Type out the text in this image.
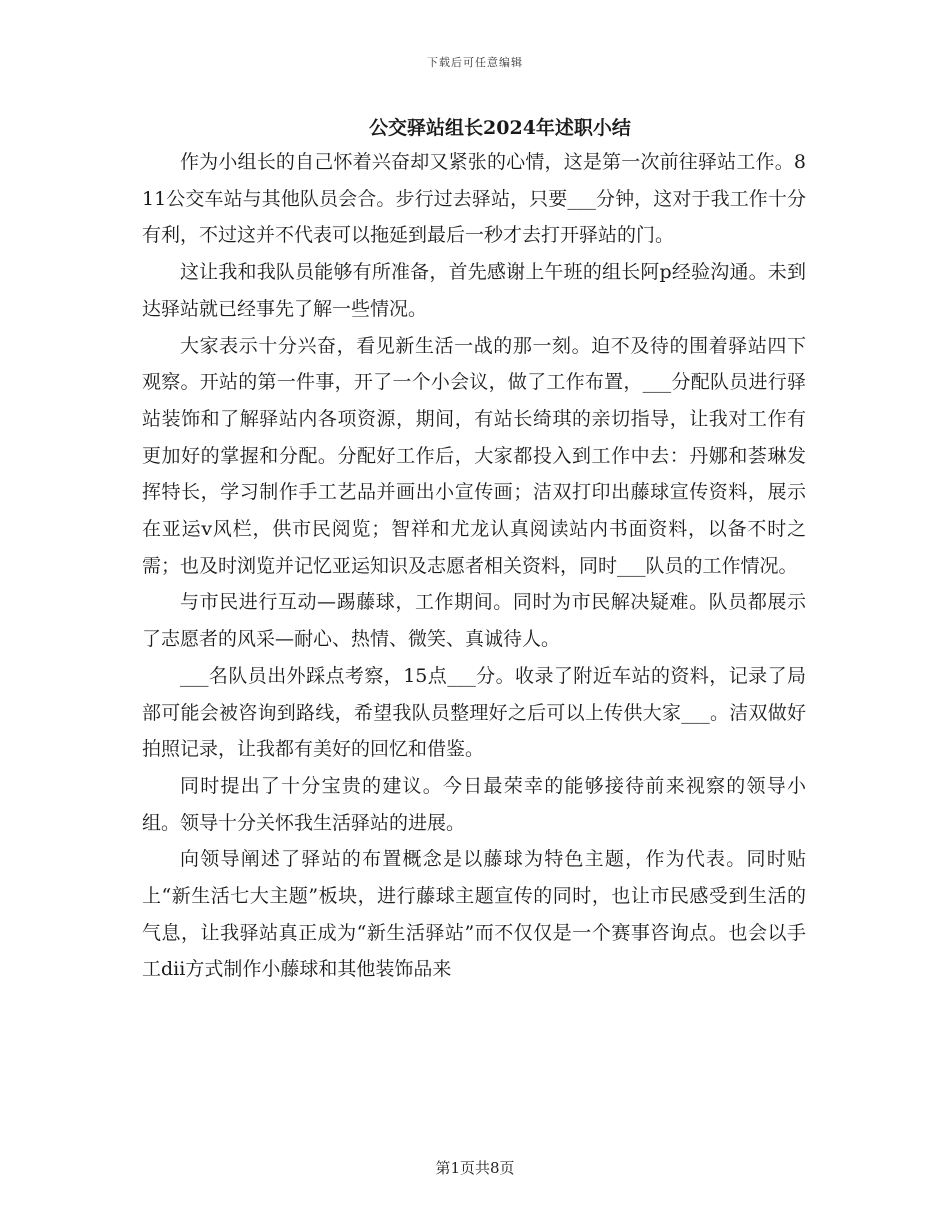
下载后可任意编辑
公交驿站组长2024年述职小结

作为小组长的自己怀着兴奋却又紧张的心情，这是第一次前往驿站工作。811公交车站与其他队员会合。步行过去驿站，只要___分钟，这对于我工作十分有利，不过这并不代表可以拖延到最后一秒才去打开驿站的门。

这让我和我队员能够有所准备，首先感谢上午班的组长阿p经验沟通。未到达驿站就已经事先了解一些情况。

大家表示十分兴奋，看见新生活一战的那一刻。迫不及待的围着驿站四下观察。开站的第一件事，开了一个小会议，做了工作布置，___分配队员进行驿站装饰和了解驿站内各项资源，期间，有站长绮琪的亲切指导，让我对工作有更加好的掌握和分配。分配好工作后，大家都投入到工作中去：丹娜和荟琳发挥特长，学习制作手工艺品并画出小宣传画；洁双打印出藤球宣传资料，展示在亚运v风栏，供市民阅览；智祥和尤龙认真阅读站内书面资料，以备不时之需；也及时浏览并记忆亚运知识及志愿者相关资料，同时___队员的工作情况。

与市民进行互动—踢藤球，工作期间。同时为市民解决疑难。队员都展示了志愿者的风采—耐心、热情、微笑、真诚待人。

___名队员出外踩点考察，15点___分。收录了附近车站的资料，记录了局部可能会被咨询到路线，希望我队员整理好之后可以上传供大家___。洁双做好拍照记录，让我都有美好的回忆和借鉴。

同时提出了十分宝贵的建议。今日最荣幸的能够接待前来视察的领导小组。领导十分关怀我生活驿站的进展。

向领导阐述了驿站的布置概念是以藤球为特色主题，作为代表。同时贴上“新生活七大主题”板块，进行藤球主题宣传的同时，也让市民感受到生活的气息，让我驿站真正成为“新生活驿站”而不仅仅是一个赛事咨询点。也会以手工dii方式制作小藤球和其他装饰品来

第1页共8页
